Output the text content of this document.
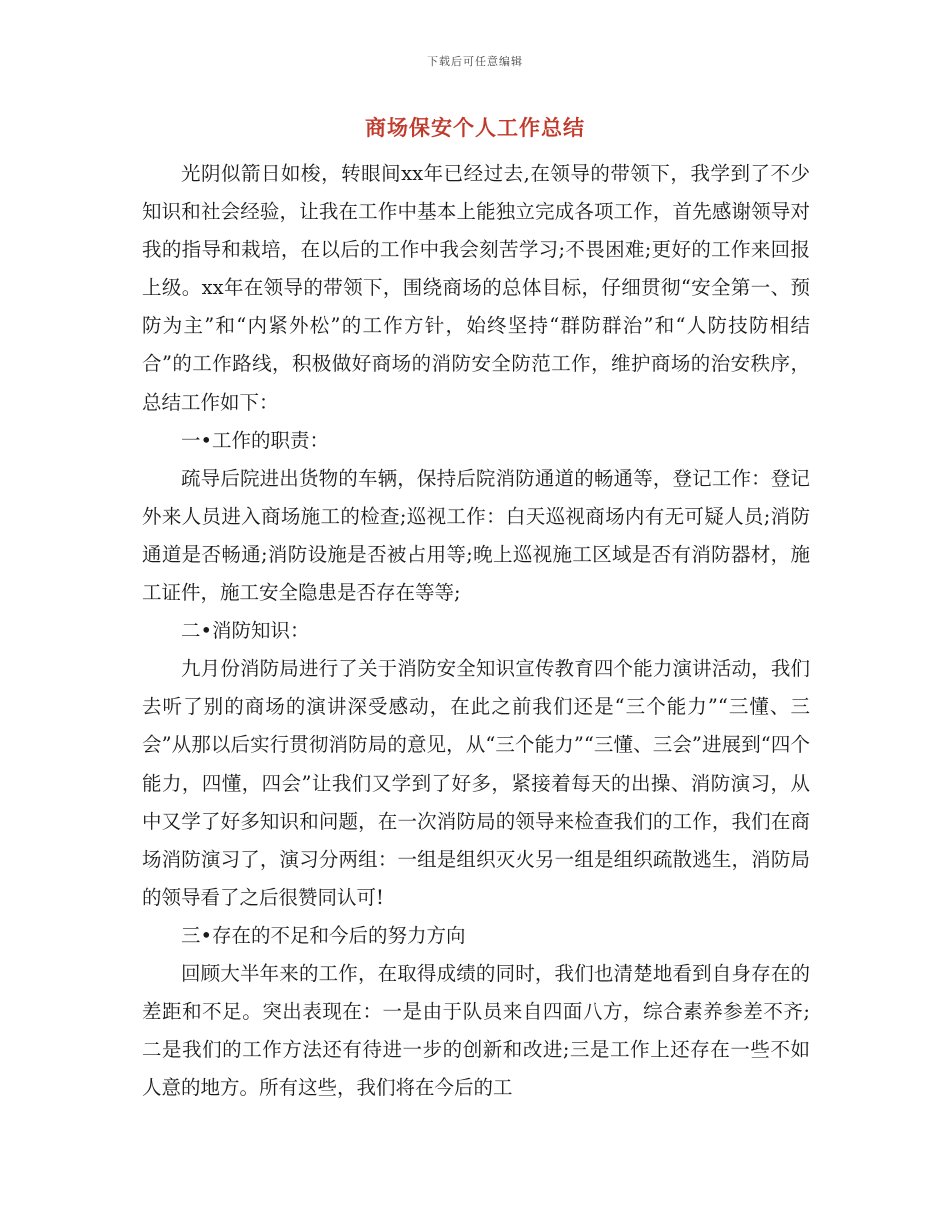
下载后可任意编辑
商场保安个人工作总结

光阴似箭日如梭，转眼间xx年已经过去,在领导的带领下，我学到了不少知识和社会经验，让我在工作中基本上能独立完成各项工作，首先感谢领导对我的指导和栽培，在以后的工作中我会刻苦学习;不畏困难;更好的工作来回报上级。xx年在领导的带领下，围绕商场的总体目标，仔细贯彻“安全第一、预防为主”和“内紧外松”的工作方针，始终坚持“群防群治”和“人防技防相结合”的工作路线，积极做好商场的消防安全防范工作，维护商场的治安秩序，总结工作如下：

一•工作的职责：

疏导后院进出货物的车辆，保持后院消防通道的畅通等，登记工作：登记外来人员进入商场施工的检查;巡视工作：白天巡视商场内有无可疑人员;消防通道是否畅通;消防设施是否被占用等;晚上巡视施工区域是否有消防器材，施工证件，施工安全隐患是否存在等等;

二•消防知识：

九月份消防局进行了关于消防安全知识宣传教育四个能力演讲活动，我们去听了别的商场的演讲深受感动，在此之前我们还是“三个能力”“三懂、三会”从那以后实行贯彻消防局的意见，从“三个能力”“三懂、三会”进展到“四个能力，四懂，四会”让我们又学到了好多，紧接着每天的出操、消防演习，从中又学了好多知识和问题，在一次消防局的领导来检查我们的工作，我们在商场消防演习了，演习分两组：一组是组织灭火另一组是组织疏散逃生，消防局的领导看了之后很赞同认可!

三•存在的不足和今后的努力方向

回顾大半年来的工作，在取得成绩的同时，我们也清楚地看到自身存在的差距和不足。突出表现在：一是由于队员来自四面八方，综合素养参差不齐;二是我们的工作方法还有待进一步的创新和改进;三是工作上还存在一些不如人意的地方。所有这些，我们将在今后的工
